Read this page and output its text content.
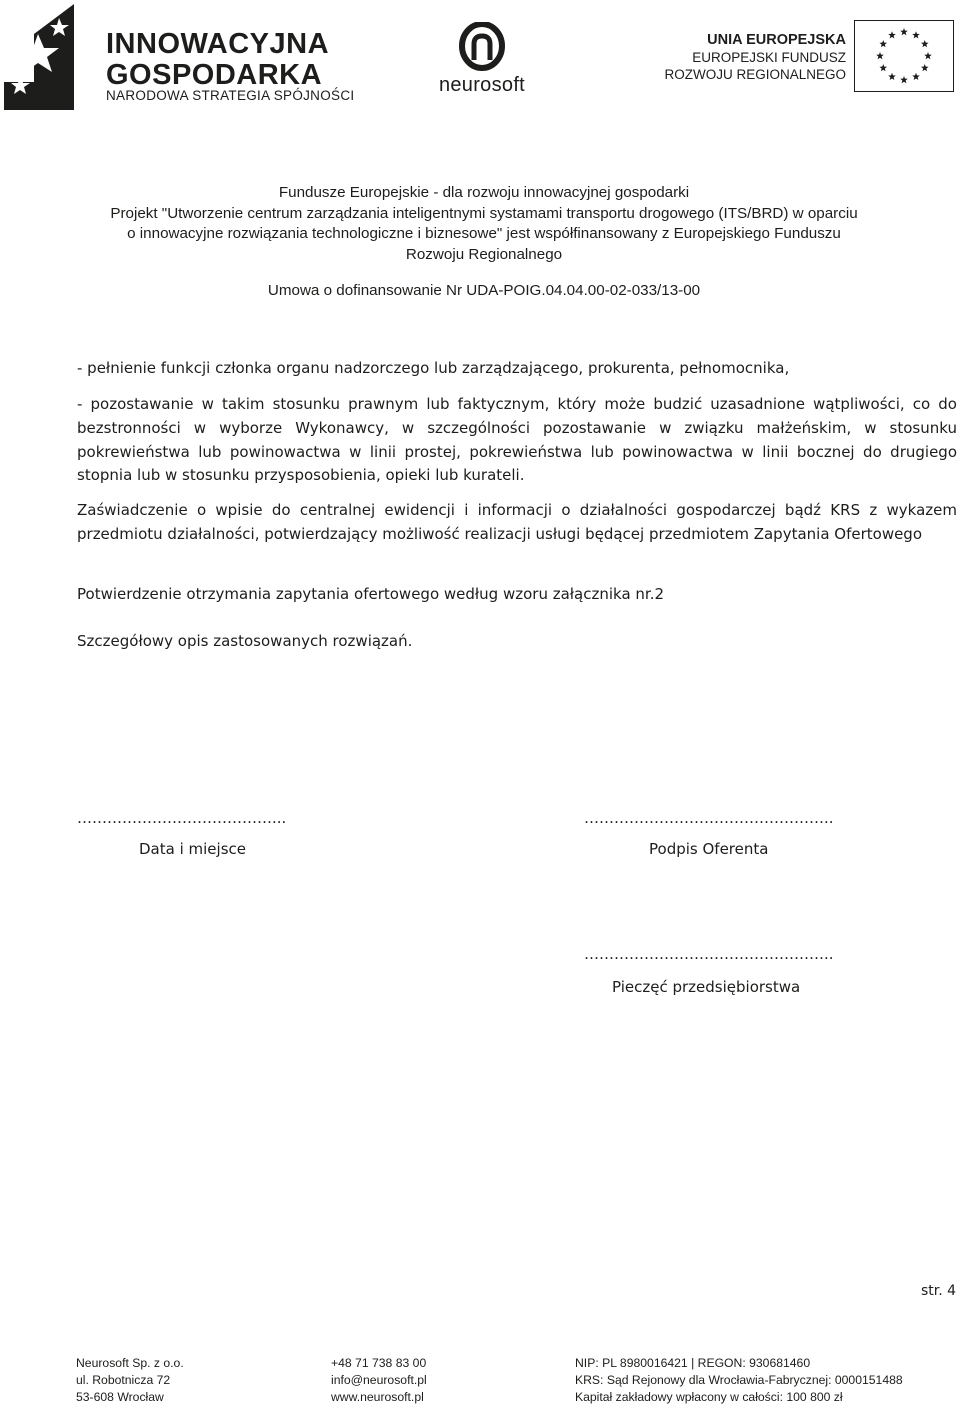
INNOWACYJNA
GOSPODARKA
NARODOWA STRATEGIA SPÓJNOŚCI	neurosoft
UNIA EUROPEJSKA
EUROPEJSKI FUNDUSZ
ROZWOJU REGIONALNEGO
Fundusze Europejskie - dla rozwoju innowacyjnej gospodarki
Projekt "Utworzenie centrum zarządzania inteligentnymi systamami transportu drogowego (ITS/BRD) w oparciu
o innowacyjne rozwiązania technologiczne i biznesowe" jest współfinansowany z Europejskiego Funduszu
Rozwoju Regionalnego
Umowa o dofinansowanie Nr UDA-POIG.04.04.00-02-033/13-00
- pełnienie funkcji członka organu nadzorczego lub zarządzającego, prokurenta, pełnomocnika,
- pozostawanie w takim stosunku prawnym lub faktycznym, który może budzić uzasadnione wątpliwości, co do bezstronności w wyborze Wykonawcy, w szczególności pozostawanie w związku małżeńskim, w stosunku pokrewieństwa lub powinowactwa w linii prostej, pokrewieństwa lub powinowactwa w linii bocznej do drugiego stopnia lub w stosunku przysposobienia, opieki lub kurateli.
Zaświadczenie o wpisie do centralnej ewidencji i informacji o działalności gospodarczej bądź KRS z wykazem przedmiotu działalności, potwierdzający możliwość realizacji usługi będącej przedmiotem Zapytania Ofertowego
Potwierdzenie otrzymania zapytania ofertowego według wzoru załącznika nr.2
Szczegółowy opis zastosowanych rozwiązań.
…………………………………...
Data i miejsce
…………………………………………..
Podpis Oferenta
…………………………………………..
Pieczęć przedsiębiorstwa
str. 4
Neurosoft Sp. z o.o.
ul. Robotnicza 72
53-608 Wrocław
+48 71 738 83 00
info@neurosoft.pl
www.neurosoft.pl
NIP: PL 8980016421 | REGON: 930681460
KRS: Sąd Rejonowy dla Wrocławia-Fabrycznej: 0000151488
Kapitał zakładowy wpłacony w całości: 100 800 zł
